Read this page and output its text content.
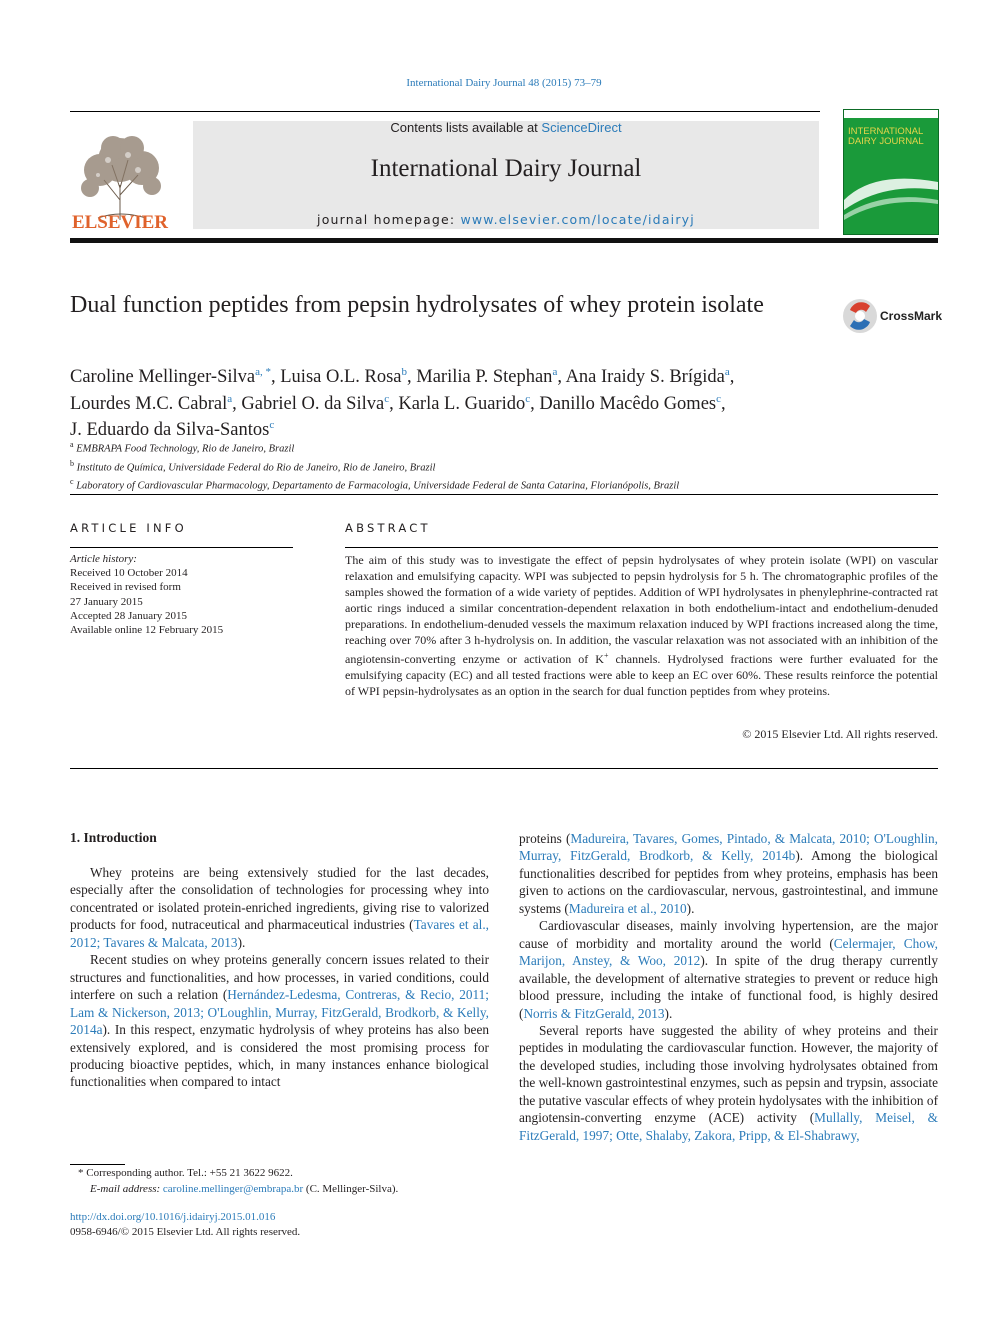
International Dairy Journal 48 (2015) 73–79
ELSEVIER
Contents lists available at ScienceDirect
International Dairy Journal
journal homepage: www.elsevier.com/locate/idairyj
INTERNATIONAL DAIRY JOURNAL
Dual function peptides from pepsin hydrolysates of whey protein isolate	CrossMark
Caroline Mellinger-Silva$^{a, *}$, Luisa O.L. Rosa$^b$, Marilia P. Stephan$^a$, Ana Iraidy S. Brígida$^a$,
Lourdes M.C. Cabral$^a$, Gabriel O. da Silva$^c$, Karla L. Guarido$^c$, Danillo Macêdo Gomes$^c$,
J. Eduardo da Silva-Santos$^c$
$^a$ EMBRAPA Food Technology, Rio de Janeiro, Brazil
$^b$ Instituto de Química, Universidade Federal do Rio de Janeiro, Rio de Janeiro, Brazil
$^c$ Laboratory of Cardiovascular Pharmacology, Departamento de Farmacologia, Universidade Federal de Santa Catarina, Florianópolis, Brazil
ARTICLE INFO
Article history:
Received 10 October 2014
Received in revised form
27 January 2015
Accepted 28 January 2015
Available online 12 February 2015
ABSTRACT
The aim of this study was to investigate the effect of pepsin hydrolysates of whey protein isolate (WPI) on vascular relaxation and emulsifying capacity. WPI was subjected to pepsin hydrolysis for 5 h. The chromatographic profiles of the samples showed the formation of a wide variety of peptides. Addition of WPI hydrolysates in phenylephrine-contracted rat aortic rings induced a similar concentration-dependent relaxation in both endothelium-intact and endothelium-denuded preparations. In endothelium-denuded vessels the maximum relaxation induced by WPI fractions increased along the time, reaching over 70% after 3 h-hydrolysis on. In addition, the vascular relaxation was not associated with an inhibition of the angiotensin-converting enzyme or activation of K+ channels. Hydrolysed fractions were further evaluated for the emulsifying capacity (EC) and all tested fractions were able to keep an EC over 60%. These results reinforce the potential of WPI pepsin-hydrolysates as an option in the search for dual function peptides from whey proteins.
© 2015 Elsevier Ltd. All rights reserved.
1. Introduction

Whey proteins are being extensively studied for the last decades, especially after the consolidation of technologies for processing whey into concentrated or isolated protein-enriched ingredients, giving rise to valorized products for food, nutraceutical and pharmaceutical industries (Tavares et al., 2012; Tavares & Malcata, 2013).

Recent studies on whey proteins generally concern issues related to their structures and functionalities, and how processes, in varied conditions, could interfere on such a relation (Hernández-Ledesma, Contreras, & Recio, 2011; Lam & Nickerson, 2013; O'Loughlin, Murray, FitzGerald, Brodkorb, & Kelly, 2014a). In this respect, enzymatic hydrolysis of whey proteins has also been extensively explored, and is considered the most promising process for producing bioactive peptides, which, in many instances enhance biological functionalities when compared to intact

proteins (Madureira, Tavares, Gomes, Pintado, & Malcata, 2010; O'Loughlin, Murray, FitzGerald, Brodkorb, & Kelly, 2014b). Among the biological functionalities described for peptides from whey proteins, emphasis has been given to actions on the cardiovascular, nervous, gastrointestinal, and immune systems (Madureira et al., 2010).

Cardiovascular diseases, mainly involving hypertension, are the major cause of morbidity and mortality around the world (Celermajer, Chow, Marijon, Anstey, & Woo, 2012). In spite of the drug therapy currently available, the development of alternative strategies to prevent or reduce high blood pressure, including the intake of functional food, is highly desired (Norris & FitzGerald, 2013).

Several reports have suggested the ability of whey proteins and their peptides in modulating the cardiovascular function. However, the majority of the developed studies, including those involving hydrolysates obtained from the well-known gastrointestinal enzymes, such as pepsin and trypsin, associate the putative vascular effects of whey protein hydolysates with the inhibition of angiotensin-converting enzyme (ACE) activity (Mullally, Meisel, & FitzGerald, 1997; Otte, Shalaby, Zakora, Pripp, & El-Shabrawy,

* Corresponding author. Tel.: +55 21 3622 9622.
E-mail address: caroline.mellinger@embrapa.br (C. Mellinger-Silva).
http://dx.doi.org/10.1016/j.idairyj.2015.01.016
0958-6946/© 2015 Elsevier Ltd. All rights reserved.
